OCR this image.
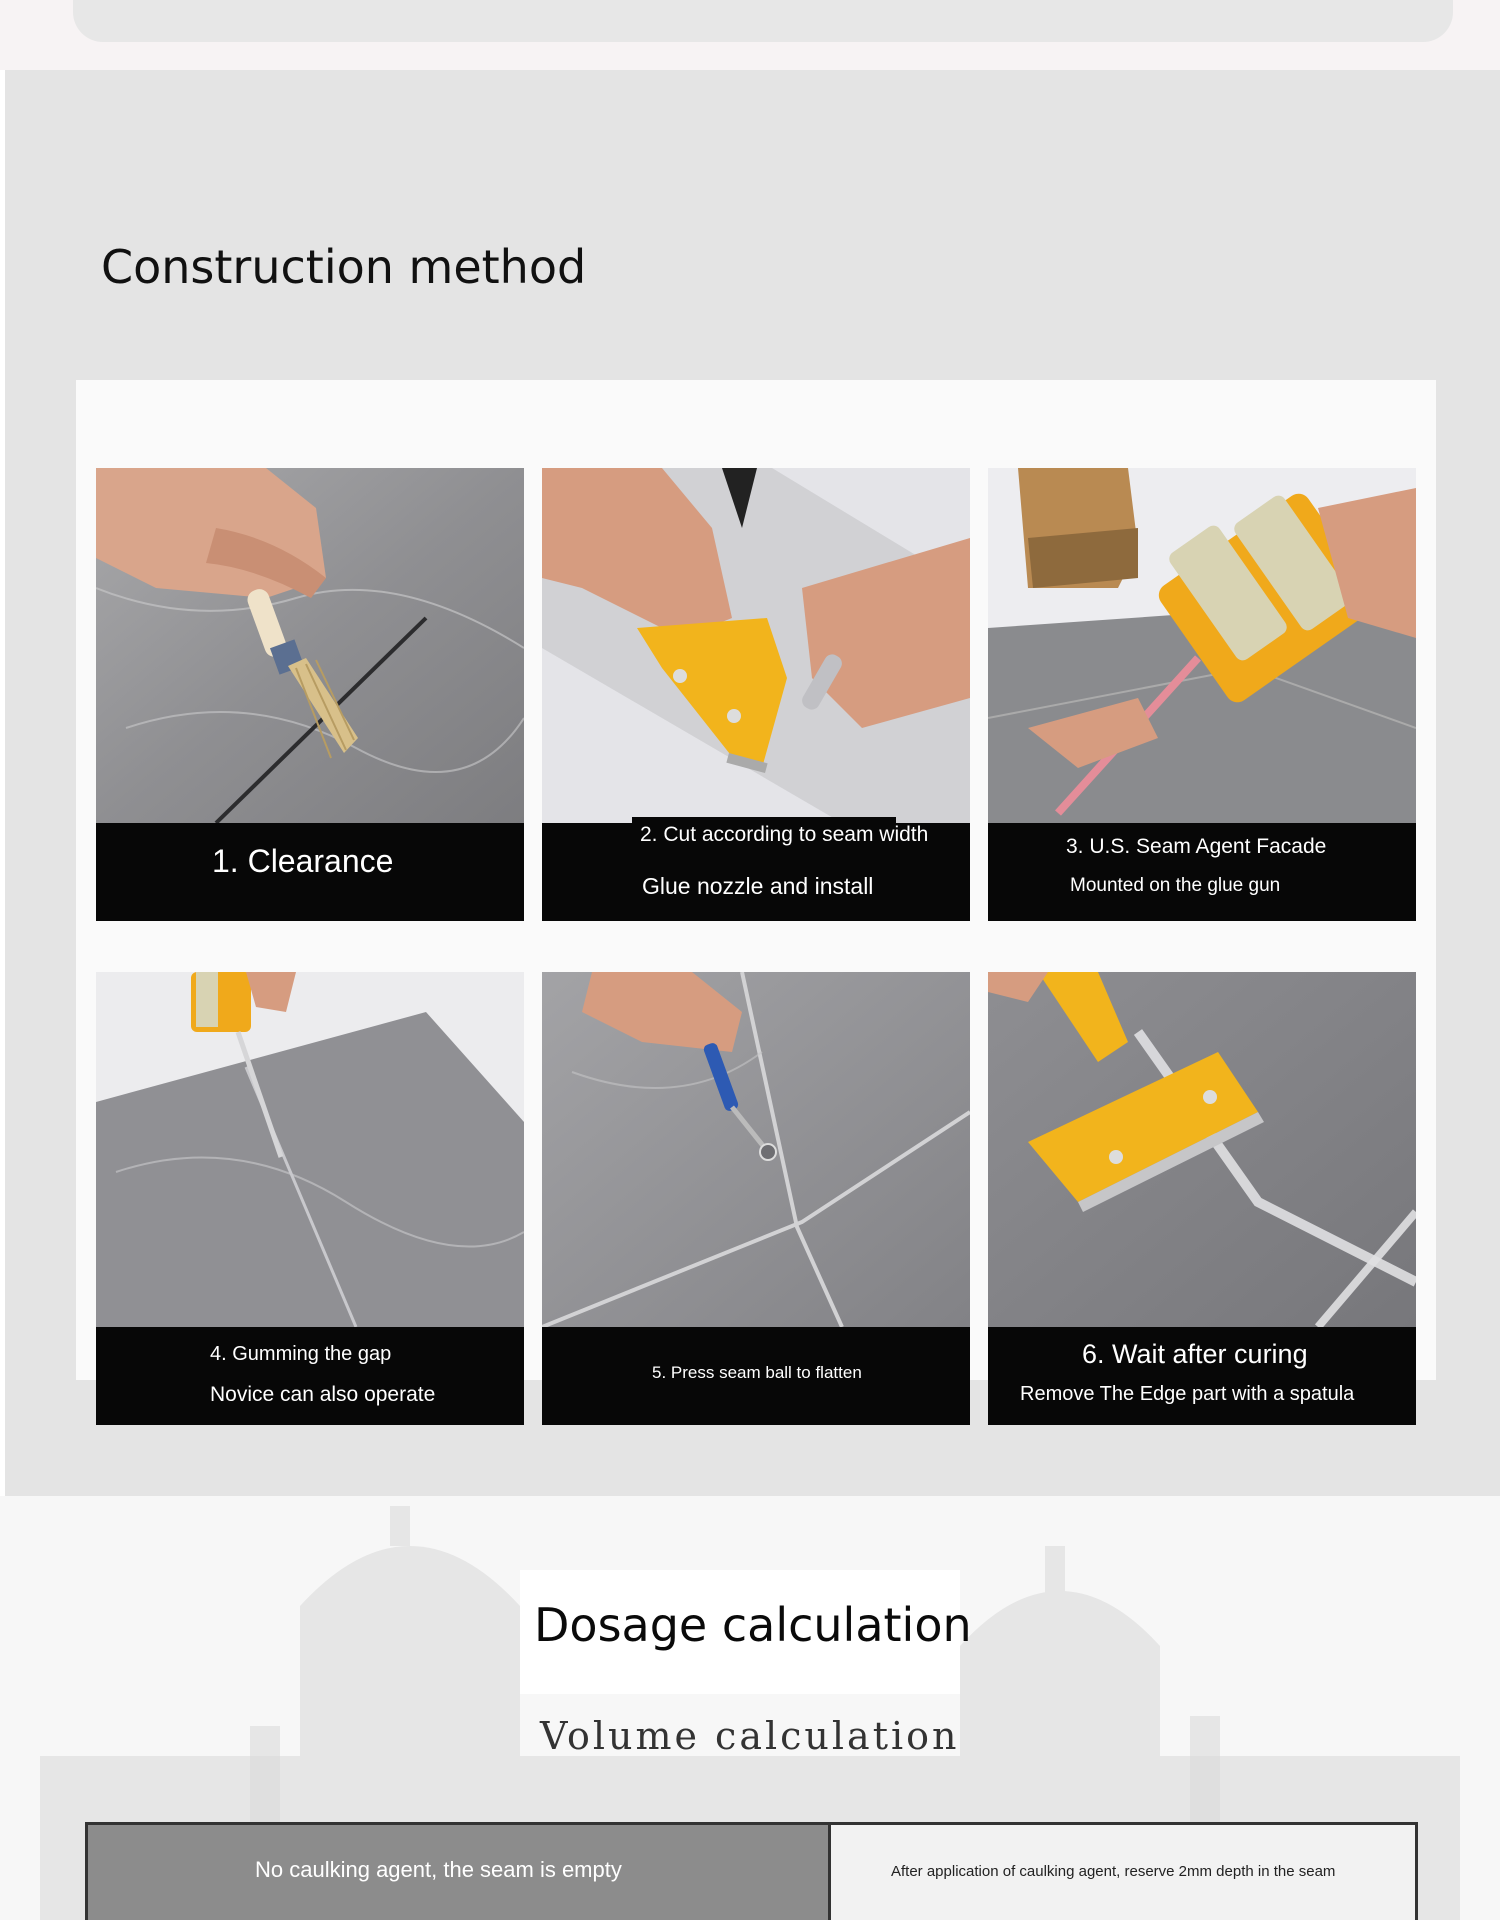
Construction method
1. Clearance
2. Cut according to seam width
Glue nozzle and install
3. U.S. Seam Agent Facade
Mounted on the glue gun
4. Gumming the gap
Novice can also operate
5. Press seam ball to flatten
6. Wait after curing
Remove The Edge part with a spatula
Dosage calculation
Volume calculation
No caulking agent, the seam is empty	After application of caulking agent, reserve 2mm depth in the seam
